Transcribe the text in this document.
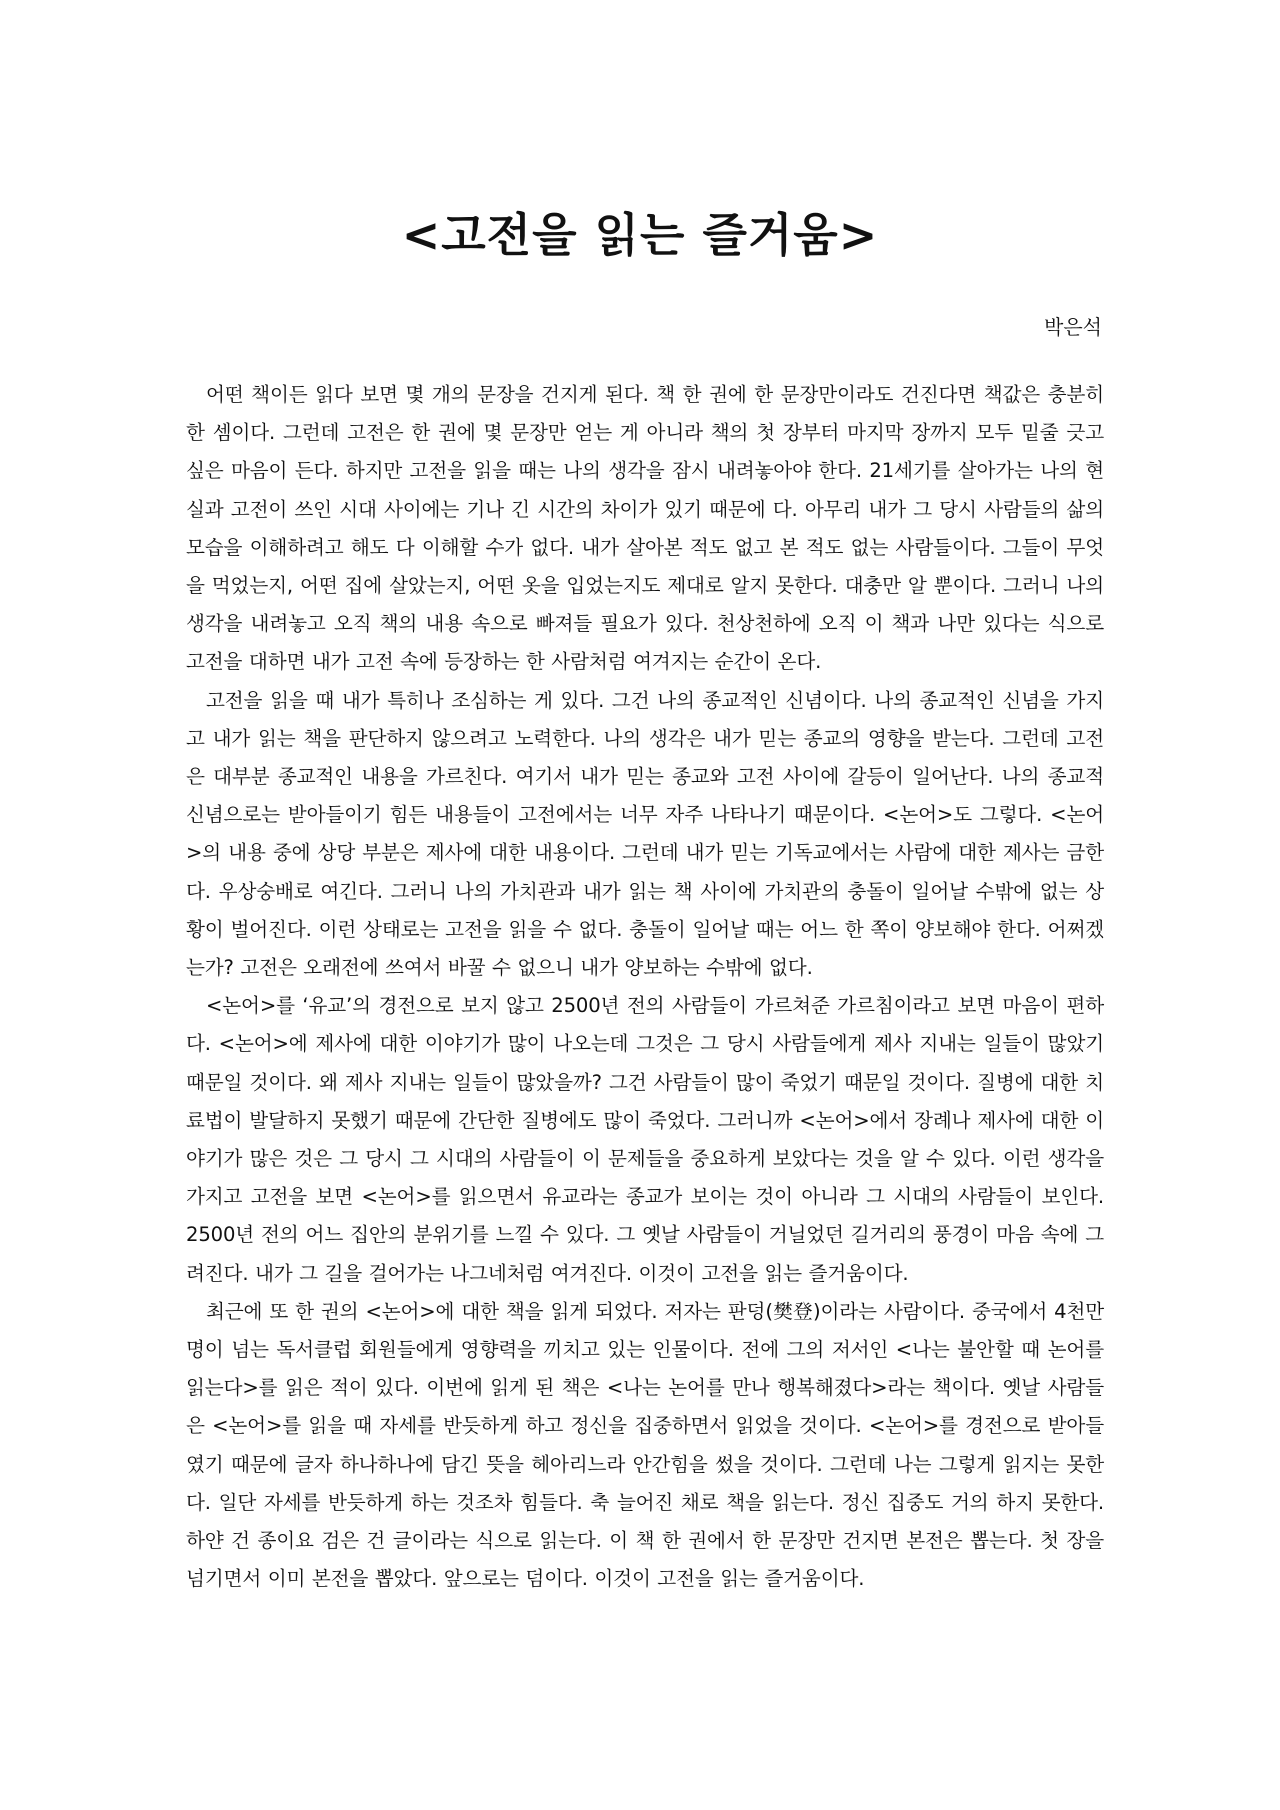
<고전을 읽는 즐거움>

박은석

어떤 책이든 읽다 보면 몇 개의 문장을 건지게 된다. 책 한 권에 한 문장만이라도 건진다면 책값은 충분히 한 셈이다. 그런데 고전은 한 권에 몇 문장만 얻는 게 아니라 책의 첫 장부터 마지막 장까지 모두 밑줄 긋고 싶은 마음이 든다. 하지만 고전을 읽을 때는 나의 생각을 잠시 내려놓아야 한다. 21세기를 살아가는 나의 현실과 고전이 쓰인 시대 사이에는 기나 긴 시간의 차이가 있기 때문에 다. 아무리 내가 그 당시 사람들의 삶의 모습을 이해하려고 해도 다 이해할 수가 없다. 내가 살아본 적도 없고 본 적도 없는 사람들이다. 그들이 무엇을 먹었는지, 어떤 집에 살았는지, 어떤 옷을 입었는지도 제대로 알지 못한다. 대충만 알 뿐이다. 그러니 나의 생각을 내려놓고 오직 책의 내용 속으로 빠져들 필요가 있다. 천상천하에 오직 이 책과 나만 있다는 식으로 고전을 대하면 내가 고전 속에 등장하는 한 사람처럼 여겨지는 순간이 온다.

고전을 읽을 때 내가 특히나 조심하는 게 있다. 그건 나의 종교적인 신념이다. 나의 종교적인 신념을 가지고 내가 읽는 책을 판단하지 않으려고 노력한다. 나의 생각은 내가 믿는 종교의 영향을 받는다. 그런데 고전은 대부분 종교적인 내용을 가르친다. 여기서 내가 믿는 종교와 고전 사이에 갈등이 일어난다. 나의 종교적 신념으로는 받아들이기 힘든 내용들이 고전에서는 너무 자주 나타나기 때문이다. <논어>도 그렇다. <논어>의 내용 중에 상당 부분은 제사에 대한 내용이다. 그런데 내가 믿는 기독교에서는 사람에 대한 제사는 금한다. 우상숭배로 여긴다. 그러니 나의 가치관과 내가 읽는 책 사이에 가치관의 충돌이 일어날 수밖에 없는 상황이 벌어진다. 이런 상태로는 고전을 읽을 수 없다. 충돌이 일어날 때는 어느 한 쪽이 양보해야 한다. 어쩌겠는가? 고전은 오래전에 쓰여서 바꿀 수 없으니 내가 양보하는 수밖에 없다.

<논어>를 ‘유교’의 경전으로 보지 않고 2500년 전의 사람들이 가르쳐준 가르침이라고 보면 마음이 편하다. <논어>에 제사에 대한 이야기가 많이 나오는데 그것은 그 당시 사람들에게 제사 지내는 일들이 많았기 때문일 것이다. 왜 제사 지내는 일들이 많았을까? 그건 사람들이 많이 죽었기 때문일 것이다. 질병에 대한 치료법이 발달하지 못했기 때문에 간단한 질병에도 많이 죽었다. 그러니까 <논어>에서 장례나 제사에 대한 이야기가 많은 것은 그 당시 그 시대의 사람들이 이 문제들을 중요하게 보았다는 것을 알 수 있다. 이런 생각을 가지고 고전을 보면 <논어>를 읽으면서 유교라는 종교가 보이는 것이 아니라 그 시대의 사람들이 보인다. 2500년 전의 어느 집안의 분위기를 느낄 수 있다. 그 옛날 사람들이 거닐었던 길거리의 풍경이 마음 속에 그려진다. 내가 그 길을 걸어가는 나그네처럼 여겨진다. 이것이 고전을 읽는 즐거움이다.

최근에 또 한 권의 <논어>에 대한 책을 읽게 되었다. 저자는 판덩(樊登)이라는 사람이다. 중국에서 4천만 명이 넘는 독서클럽 회원들에게 영향력을 끼치고 있는 인물이다. 전에 그의 저서인 <나는 불안할 때 논어를 읽는다>를 읽은 적이 있다. 이번에 읽게 된 책은 <나는 논어를 만나 행복해졌다>라는 책이다. 옛날 사람들은 <논어>를 읽을 때 자세를 반듯하게 하고 정신을 집중하면서 읽었을 것이다. <논어>를 경전으로 받아들였기 때문에 글자 하나하나에 담긴 뜻을 헤아리느라 안간힘을 썼을 것이다. 그런데 나는 그렇게 읽지는 못한다. 일단 자세를 반듯하게 하는 것조차 힘들다. 축 늘어진 채로 책을 읽는다. 정신 집중도 거의 하지 못한다. 하얀 건 종이요 검은 건 글이라는 식으로 읽는다. 이 책 한 권에서 한 문장만 건지면 본전은 뽑는다. 첫 장을 넘기면서 이미 본전을 뽑았다. 앞으로는 덤이다. 이것이 고전을 읽는 즐거움이다.
